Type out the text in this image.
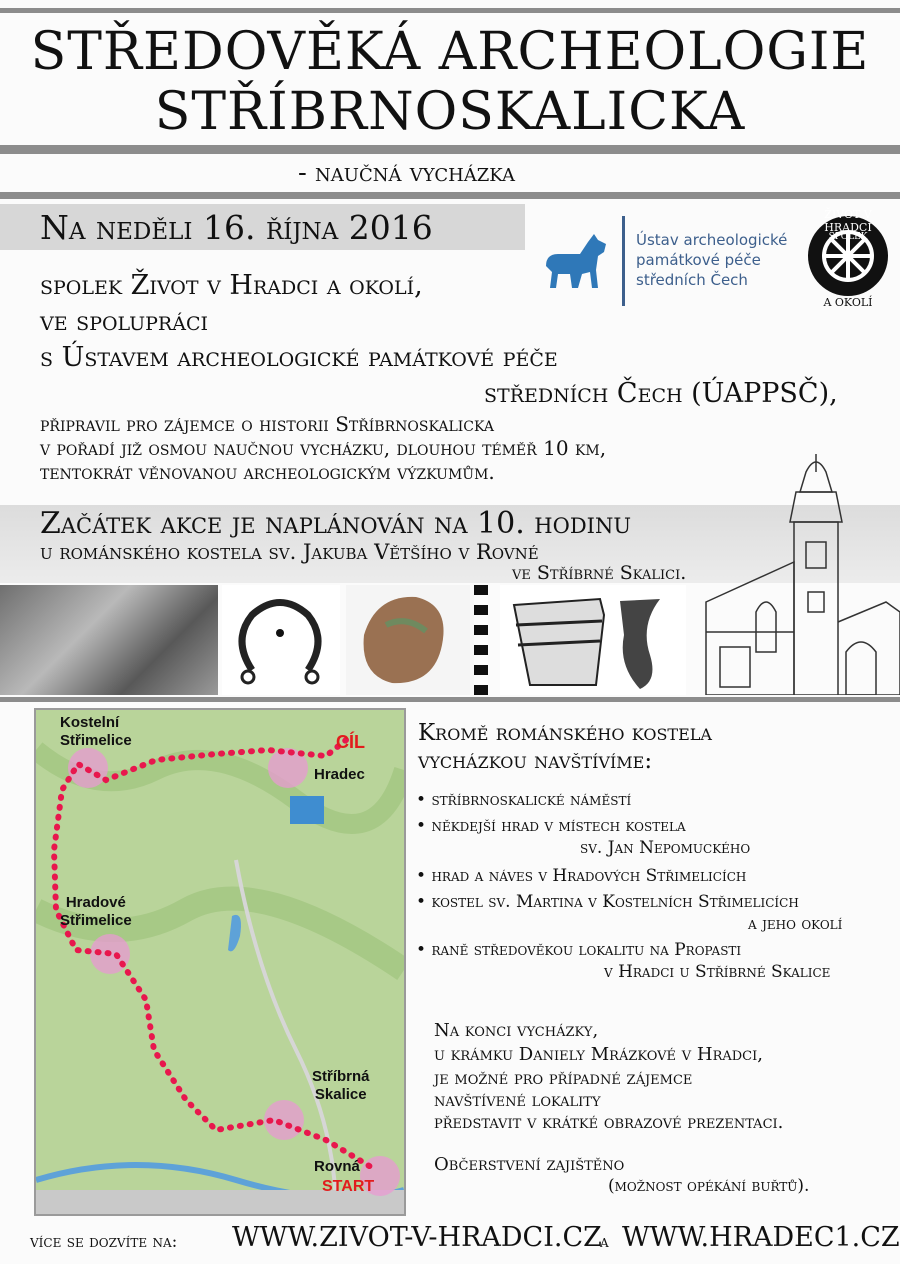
STŘEDOVĚKÁ ARCHEOLOGIE
STŘÍBRNOSKALICKA
- naučná vycházka
Na neděli 16. října 2016
spolek Život v Hradci a okolí,
ve spolupráci
s Ústavem archeologické památkové péče
středních Čech (ÚAPPSČ),
Ústav archeologické
památkové péče
středních Čech
ŽIVOT V HRADCI
SPOLEK
A OKOLÍ
připravil pro zájemce o historii Stříbrnoskalicka
v pořadí již osmou naučnou vycházku, dlouhou téměř 10 km,
tentokrát věnovanou archeologickým výzkumům.
Začátek akce je naplánován na 10. hodinu
u románského kostela sv. Jakuba Většího v Rovné
ve Stříbrné Skalici.
Kostelní
Střimelice	CÍL
Hradec
Hradové
Střimelice
Stříbrná
Skalice
Rovná
START
Kromě románského kostela
vycházkou navštívíme:
• stříbrnoskalické náměstí
• někdejší hrad v místech kostela
sv. Jan Nepomuckého
• hrad a náves v Hradových Střimelicích
• kostel sv. Martina v Kostelních Střimelicích
a jeho okolí
• raně středověkou lokalitu na Propasti
v Hradci u Stříbrné Skalice
Na konci vycházky,
u krámku Daniely Mrázkové v Hradci,
je možné pro případné zájemce
navštívené lokality
představit v krátké obrazové prezentaci.
Občerstvení zajištěno
(možnost opékání buřtů).
více se dozvíte na: WWW.ZIVOT-V-HRADCI.CZ
a WWW.HRADEC1.CZ
